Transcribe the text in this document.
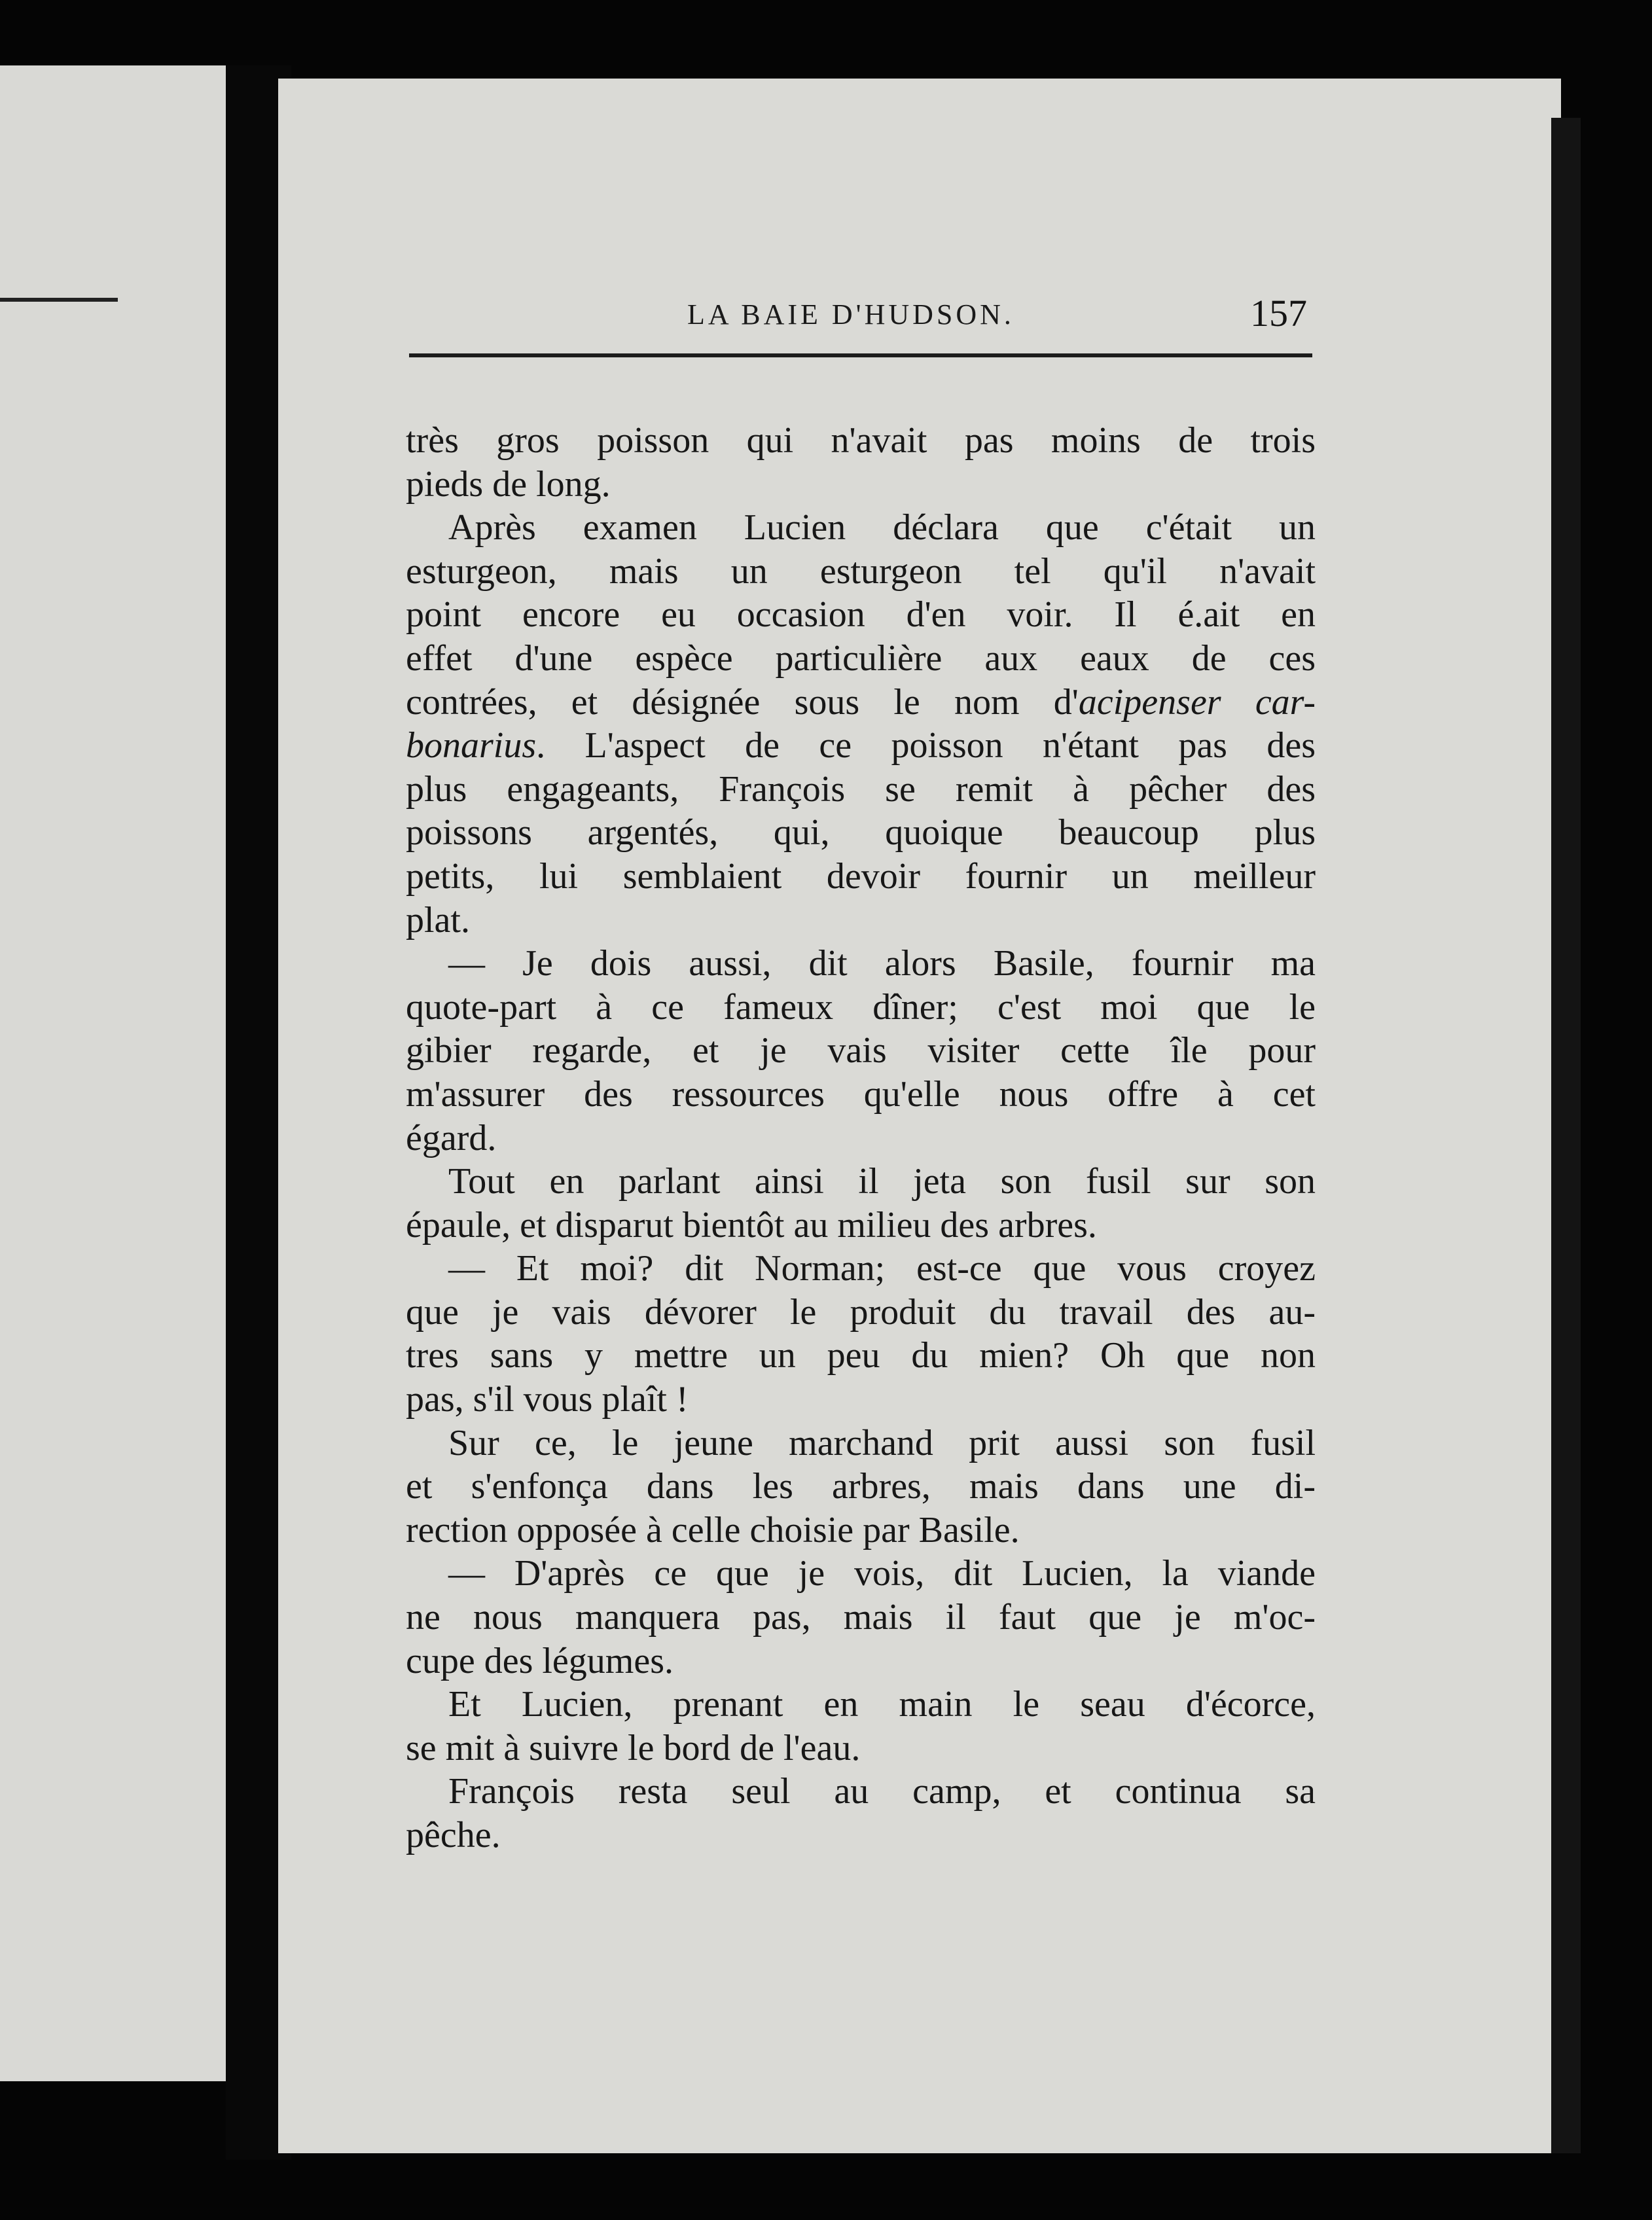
LA BAIE D'HUDSON.	157
très gros poisson qui n'avait pas moins de trois
pieds de long.
Après examen Lucien déclara que c'était un
esturgeon, mais un esturgeon tel qu'il n'avait
point encore eu occasion d'en voir. Il é.ait en
effet d'une espèce particulière aux eaux de ces
contrées, et désignée sous le nom d'acipenser car-
bonarius. L'aspect de ce poisson n'étant pas des
plus engageants, François se remit à pêcher des
poissons argentés, qui, quoique beaucoup plus
petits, lui semblaient devoir fournir un meilleur
plat.
— Je dois aussi, dit alors Basile, fournir ma
quote-part à ce fameux dîner; c'est moi que le
gibier regarde, et je vais visiter cette île pour
m'assurer des ressources qu'elle nous offre à cet
égard.
Tout en parlant ainsi il jeta son fusil sur son
épaule, et disparut bientôt au milieu des arbres.
— Et moi? dit Norman; est-ce que vous croyez
que je vais dévorer le produit du travail des au-
tres sans y mettre un peu du mien? Oh que non
pas, s'il vous plaît !
Sur ce, le jeune marchand prit aussi son fusil
et s'enfonça dans les arbres, mais dans une di-
rection opposée à celle choisie par Basile.
— D'après ce que je vois, dit Lucien, la viande
ne nous manquera pas, mais il faut que je m'oc-
cupe des légumes.
Et Lucien, prenant en main le seau d'écorce,
se mit à suivre le bord de l'eau.
François resta seul au camp, et continua sa
pêche.
